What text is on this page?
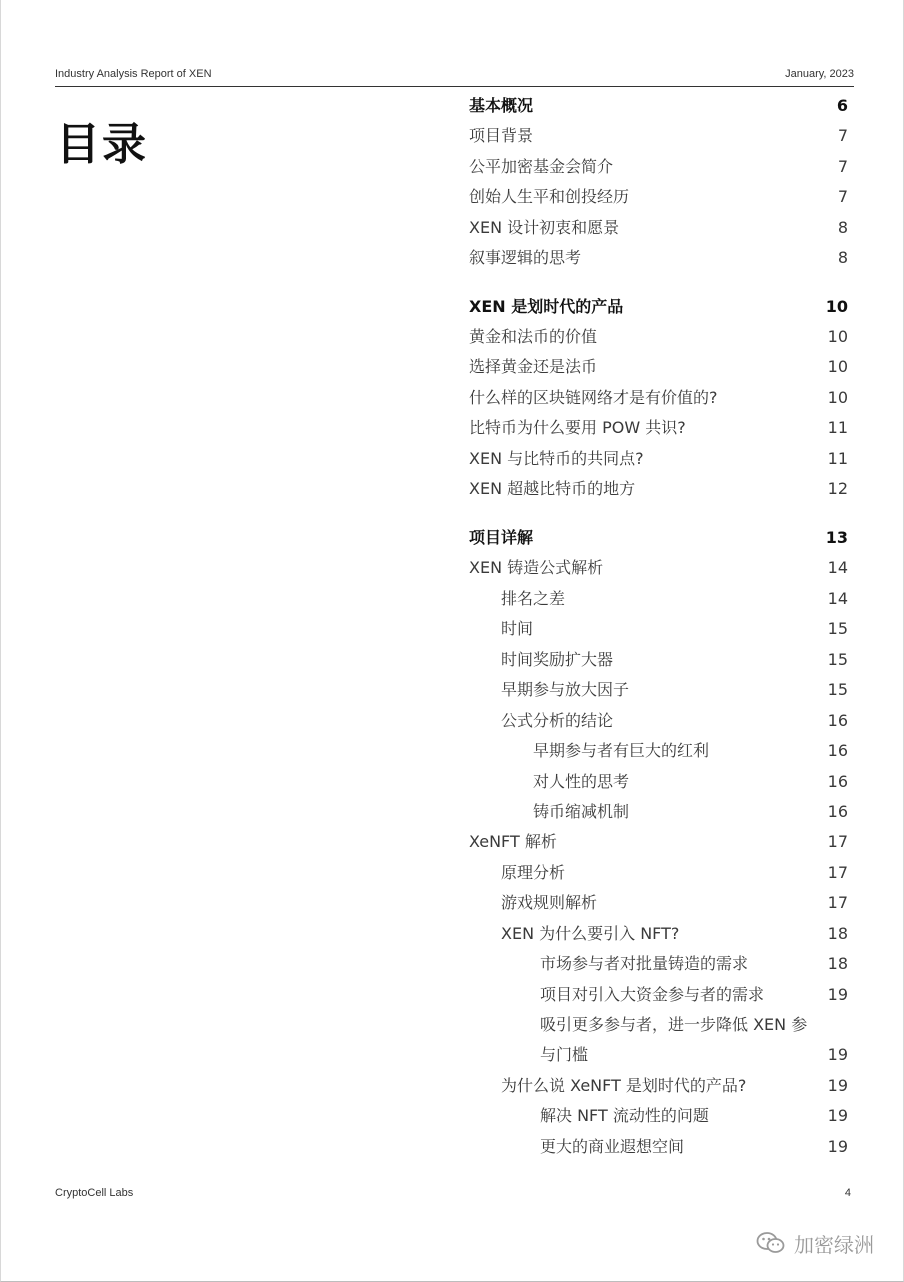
Industry Analysis Report of XEN	January, 2023
目录
基本概况	6
项目背景	7
公平加密基金会简介	7
创始人生平和创投经历	7
XEN 设计初衷和愿景	8
叙事逻辑的思考	8
XEN 是划时代的产品	10
黄金和法币的价值	10
选择黄金还是法币	10
什么样的区块链网络才是有价值的?	10
比特币为什么要用 POW 共识?	11
XEN 与比特币的共同点?	11
XEN 超越比特币的地方	12
项目详解	13
XEN 铸造公式解析	14
排名之差	14
时间	15
时间奖励扩大器	15
早期参与放大因子	15
公式分析的结论	16
早期参与者有巨大的红利	16
对人性的思考	16
铸币缩减机制	16
XeNFT 解析	17
原理分析	17
游戏规则解析	17
XEN 为什么要引入 NFT?	18
市场参与者对批量铸造的需求	18
项目对引入大资金参与者的需求	19
吸引更多参与者，进一步降低 XEN 参
与门槛	19
为什么说 XeNFT 是划时代的产品?	19
解决 NFT 流动性的问题	19
更大的商业遐想空间	19
CryptoCell Labs	4
加密绿洲
